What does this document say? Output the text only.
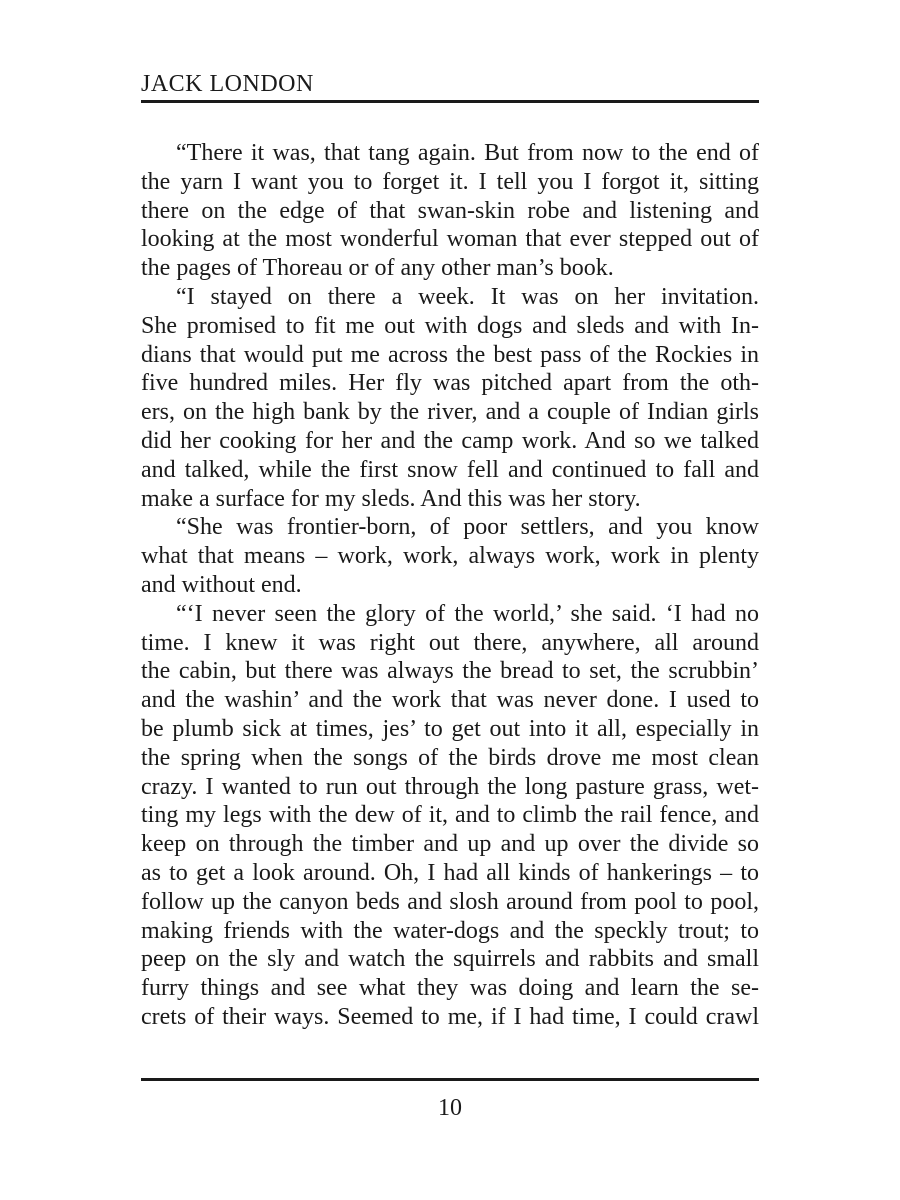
JACK LONDON
“There it was, that tang again. But from now to the end of
the yarn I want you to forget it. I tell you I forgot it, sitting
there on the edge of that swan-skin robe and listening and
looking at the most wonderful woman that ever stepped out of
the pages of Thoreau or of any other man’s book.
“I stayed on there a week. It was on her invitation.
She promised to fit me out with dogs and sleds and with In-
dians that would put me across the best pass of the Rockies in
five hundred miles. Her fly was pitched apart from the oth-
ers, on the high bank by the river, and a couple of Indian girls
did her cooking for her and the camp work. And so we talked
and talked, while the first snow fell and continued to fall and
make a surface for my sleds. And this was her story.
“She was frontier-born, of poor settlers, and you know
what that means – work, work, always work, work in plenty
and without end.
“‘I never seen the glory of the world,’ she said. ‘I had no
time. I knew it was right out there, anywhere, all around
the cabin, but there was always the bread to set, the scrubbin’
and the washin’ and the work that was never done. I used to
be plumb sick at times, jes’ to get out into it all, especially in
the spring when the songs of the birds drove me most clean
crazy. I wanted to run out through the long pasture grass, wet-
ting my legs with the dew of it, and to climb the rail fence, and
keep on through the timber and up and up over the divide so
as to get a look around. Oh, I had all kinds of hankerings – to
follow up the canyon beds and slosh around from pool to pool,
making friends with the water-dogs and the speckly trout; to
peep on the sly and watch the squirrels and rabbits and small
furry things and see what they was doing and learn the se-
crets of their ways. Seemed to me, if I had time, I could crawl
10
